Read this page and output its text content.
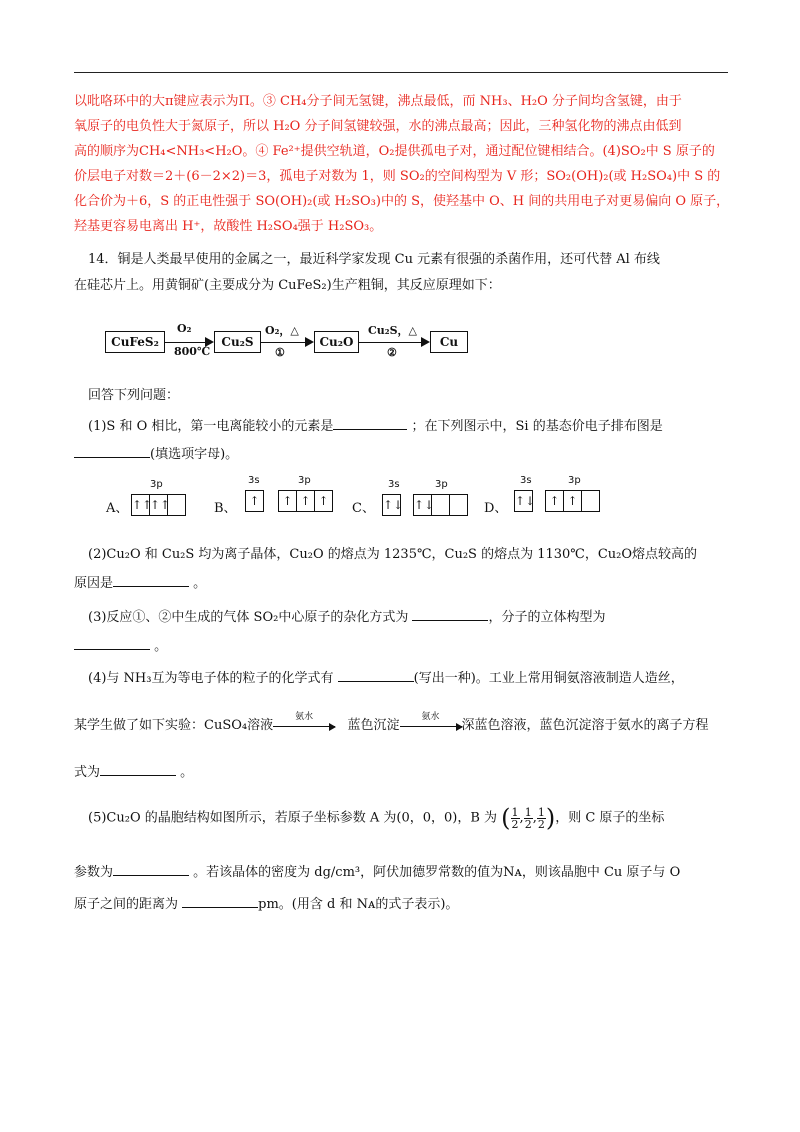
以吡咯环中的大π键应表示为Π。③ CH₄分子间无氢键，沸点最低，而 NH₃、H₂O 分子间均含氢键，由于
氧原子的电负性大于氮原子，所以 H₂O 分子间氢键较强，水的沸点最高；因此，三种氢化物的沸点由低到
高的顺序为CH₄<NH₃<H₂O。④ Fe²⁺提供空轨道，O₂提供孤电子对，通过配位键相结合。(4)SO₂中 S 原子的
价层电子对数＝2＋(6－2×2)＝3，孤电子对数为 1，则 SO₂的空间构型为 V 形；SO₂(OH)₂(或 H₂SO₄)中 S 的
化合价为＋6，S 的正电性强于 SO(OH)₂(或 H₂SO₃)中的 S，使羟基中 O、H 间的共用电子对更易偏向 O 原子，
羟基更容易电离出 H⁺，故酸性 H₂SO₄强于 H₂SO₃。
14．铜是人类最早使用的金属之一，最近科学家发现 Cu 元素有很强的杀菌作用，还可代替 Al 布线
在硅芯片上。用黄铜矿(主要成分为 CuFeS₂)生产粗铜，其反应原理如下：
CuFeS₂
O₂
800℃
Cu₂S
O₂，△
①
Cu₂O
Cu₂S，△
②
Cu
回答下列问题：
(1)S 和 O 相比，第一电离能较小的元素是	；在下列图示中，Si 的基态价电子排布图是
(填选项字母)。
A、
3p
↑↑
↑↑	B、
3s
↑
3p
↑ ↑ ↑ C、
3s
↑↓
3p
↑↓	D、
3s
↑↓
3p
↑ ↑
(2)Cu₂O 和 Cu₂S 均为离子晶体，Cu₂O 的熔点为 1235℃，Cu₂S 的熔点为 1130℃，Cu₂O熔点较高的
原因是	。
(3)反应①、②中生成的气体 SO₂中心原子的杂化方式为	，分子的立体构型为
。
(4)与 NH₃互为等电子体的粒子的化学式有	(写出一种)。工业上常用铜氨溶液制造人造丝，
某学生做了如下实验：CuSO₄溶液
氨水
蓝色沉淀
氨水
深蓝色溶液，蓝色沉淀溶于氨水的离子方程
式为	。
(5)Cu₂O 的晶胞结构如图所示，若原子坐标参数 A 为(0，0，0)，B 为 ( $\frac{1}{2}$ , $\frac{1}{2}$ , $\frac{1}{2}$ )，则 C 原子的坐标
参数为	。若该晶体的密度为 dg/cm³，阿伏加德罗常数的值为Nᴀ，则该晶胞中 Cu 原子与 O
原子之间的距离为	pm。(用含 d 和 Nᴀ的式子表示)。
